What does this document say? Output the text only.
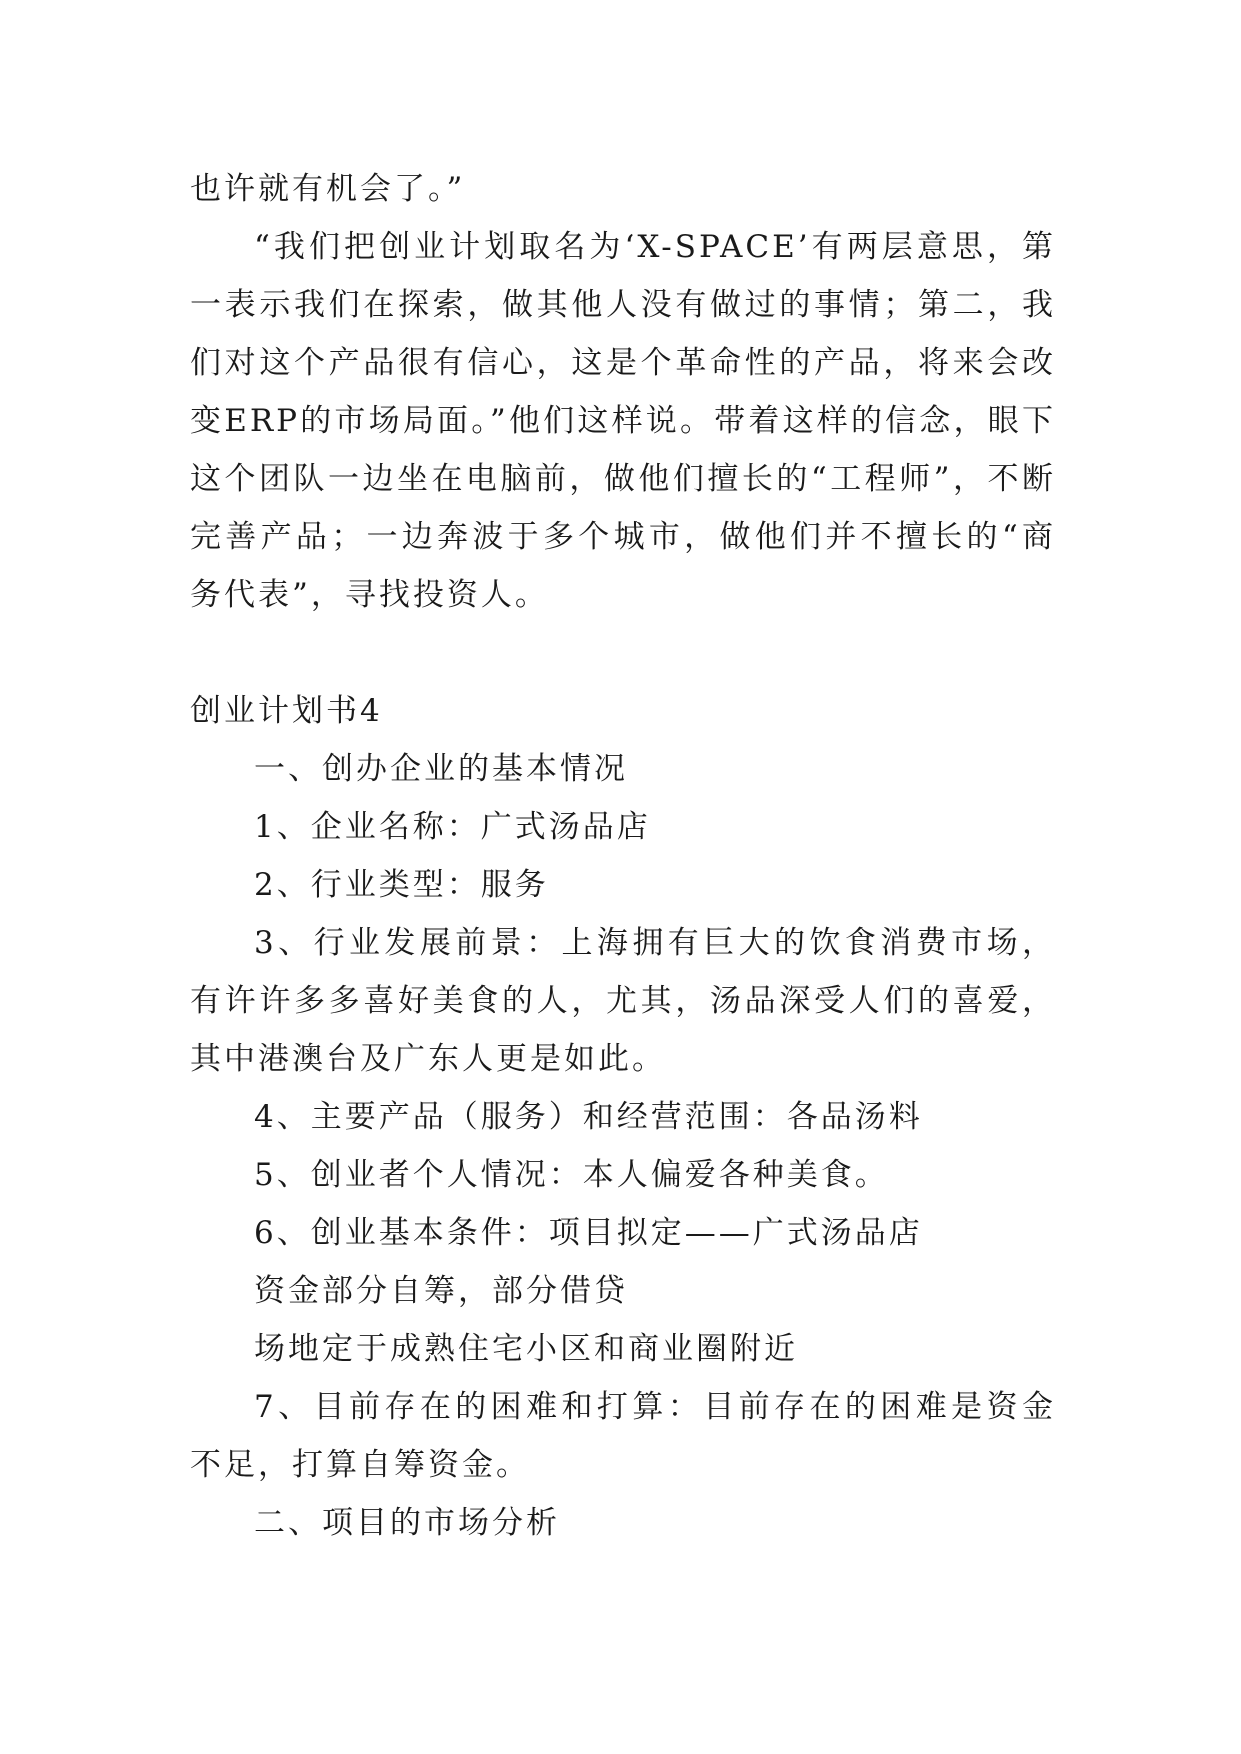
也许就有机会了。”

“我们把创业计划取名为‘X-SPACE’有两层意思，第一表示我们在探索，做其他人没有做过的事情；第二，我们对这个产品很有信心，这是个革命性的产品，将来会改变ERP的市场局面。”他们这样说。带着这样的信念，眼下这个团队一边坐在电脑前，做他们擅长的“工程师”，不断完善产品；一边奔波于多个城市，做他们并不擅长的“商务代表”，寻找投资人。

创业计划书4

一、创办企业的基本情况

1、企业名称：广式汤品店

2、行业类型：服务

3、行业发展前景：上海拥有巨大的饮食消费市场，有许许多多喜好美食的人，尤其，汤品深受人们的喜爱，其中港澳台及广东人更是如此。

4、主要产品（服务）和经营范围：各品汤料

5、创业者个人情况：本人偏爱各种美食。

6、创业基本条件：项目拟定——广式汤品店

资金部分自筹，部分借贷

场地定于成熟住宅小区和商业圈附近

7、目前存在的困难和打算：目前存在的困难是资金不足，打算自筹资金。

二、项目的市场分析
